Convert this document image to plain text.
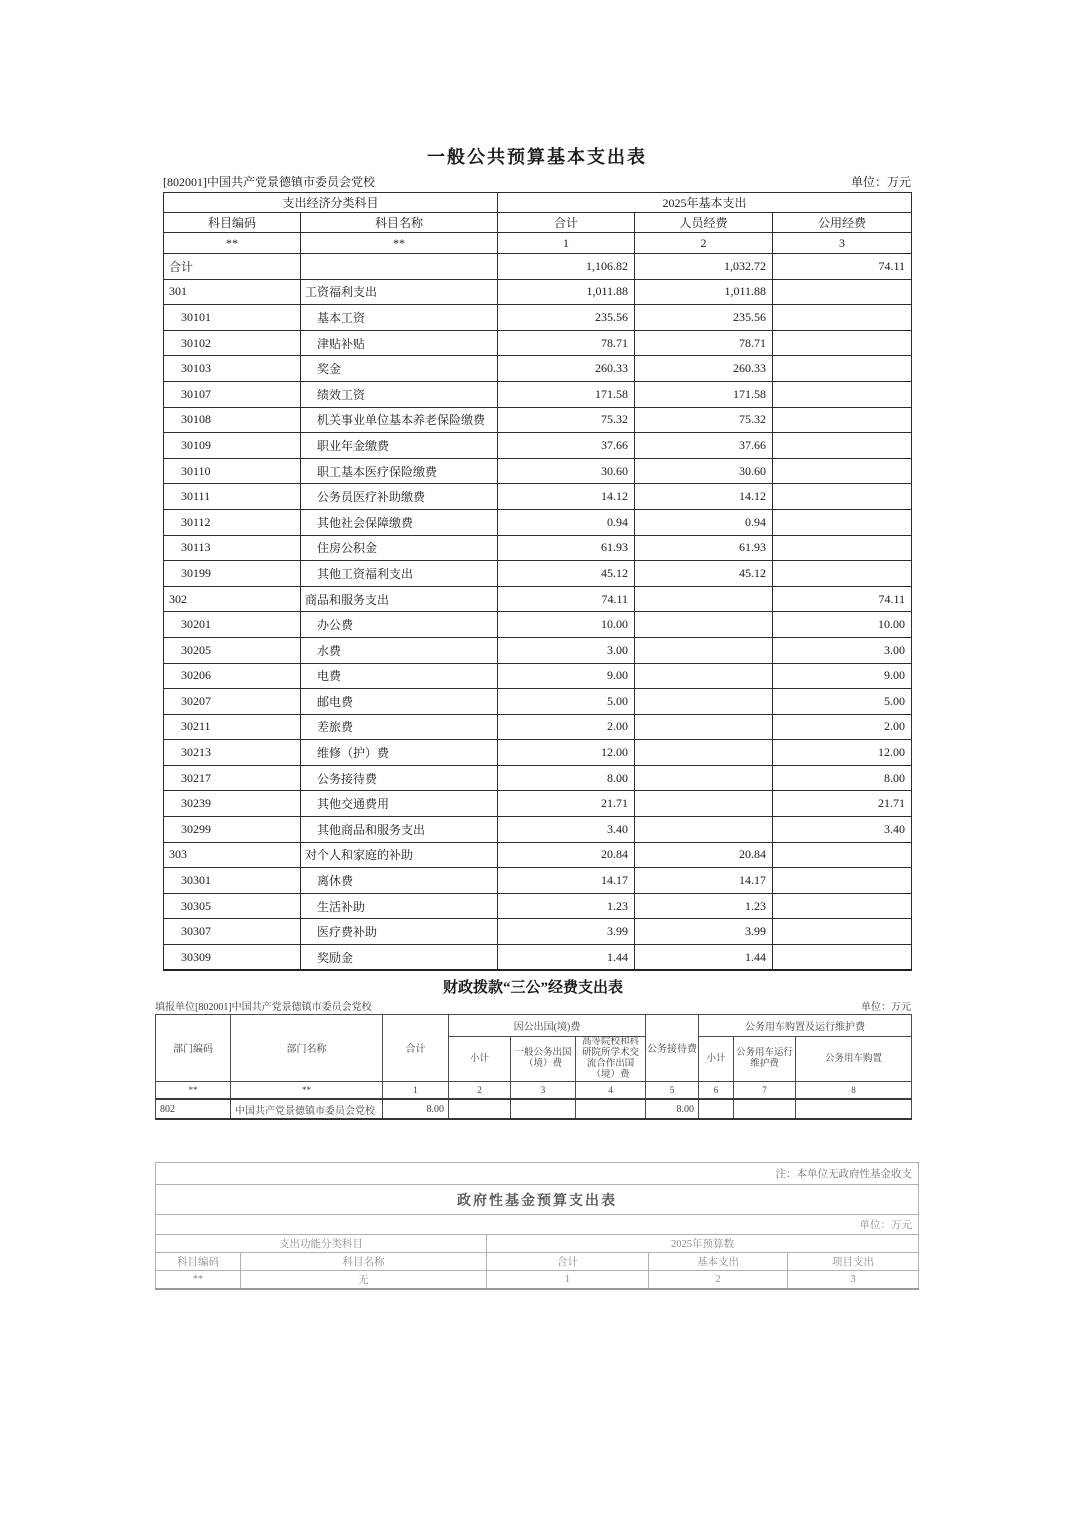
一般公共预算基本支出表
[802001]中国共产党景德镇市委员会党校	单位：万元
支出经济分类科目		2025年基本支出		
科目编码	科目名称	合计	人员经费	公用经费
**	**	1	2	3
合计		1,106.82	1,032.72	74.11
301	工资福利支出	1,011.88	1,011.88	
30101	基本工资	235.56	235.56	
30102	津贴补贴	78.71	78.71	
30103	奖金	260.33	260.33	
30107	绩效工资	171.58	171.58	
30108	机关事业单位基本养老保险缴费	75.32	75.32	
30109	职业年金缴费	37.66	37.66	
30110	职工基本医疗保险缴费	30.60	30.60	
30111	公务员医疗补助缴费	14.12	14.12	
30112	其他社会保障缴费	0.94	0.94	
30113	住房公积金	61.93	61.93	
30199	其他工资福利支出	45.12	45.12	
302	商品和服务支出	74.11		74.11
30201	办公费	10.00		10.00
30205	水费	3.00		3.00
30206	电费	9.00		9.00
30207	邮电费	5.00		5.00
30211	差旅费	2.00		2.00
30213	维修（护）费	12.00		12.00
30217	公务接待费	8.00		8.00
30239	其他交通费用	21.71		21.71
30299	其他商品和服务支出	3.40		3.40
303	对个人和家庭的补助	20.84	20.84	
30301	离休费	14.17	14.17	
30305	生活补助	1.23	1.23	
30307	医疗费补助	3.99	3.99	
30309	奖励金	1.44	1.44	
财政拨款“三公”经费支出表
填报单位[802001]中国共产党景德镇市委员会党校	单位：万元
部门编码	部门名称	合计	因公出国(境)费			公务接待费	公务用车购置及运行维护费		
			小计	一般公务出国（境）费	高等院校和科研院所学术交流合作出国（境）费		小计	公务用车运行维护费	公务用车购置
**	**	1	2	3	4	5	6	7	8
802	中国共产党景德镇市委员会党校	8.00				8.00			
注：本单位无政府性基金收支				
政府性基金预算支出表				
单位：万元				
支出功能分类科目		2025年预算数		
科目编码	科目名称	合计	基本支出	项目支出
**	无	1	2	3
